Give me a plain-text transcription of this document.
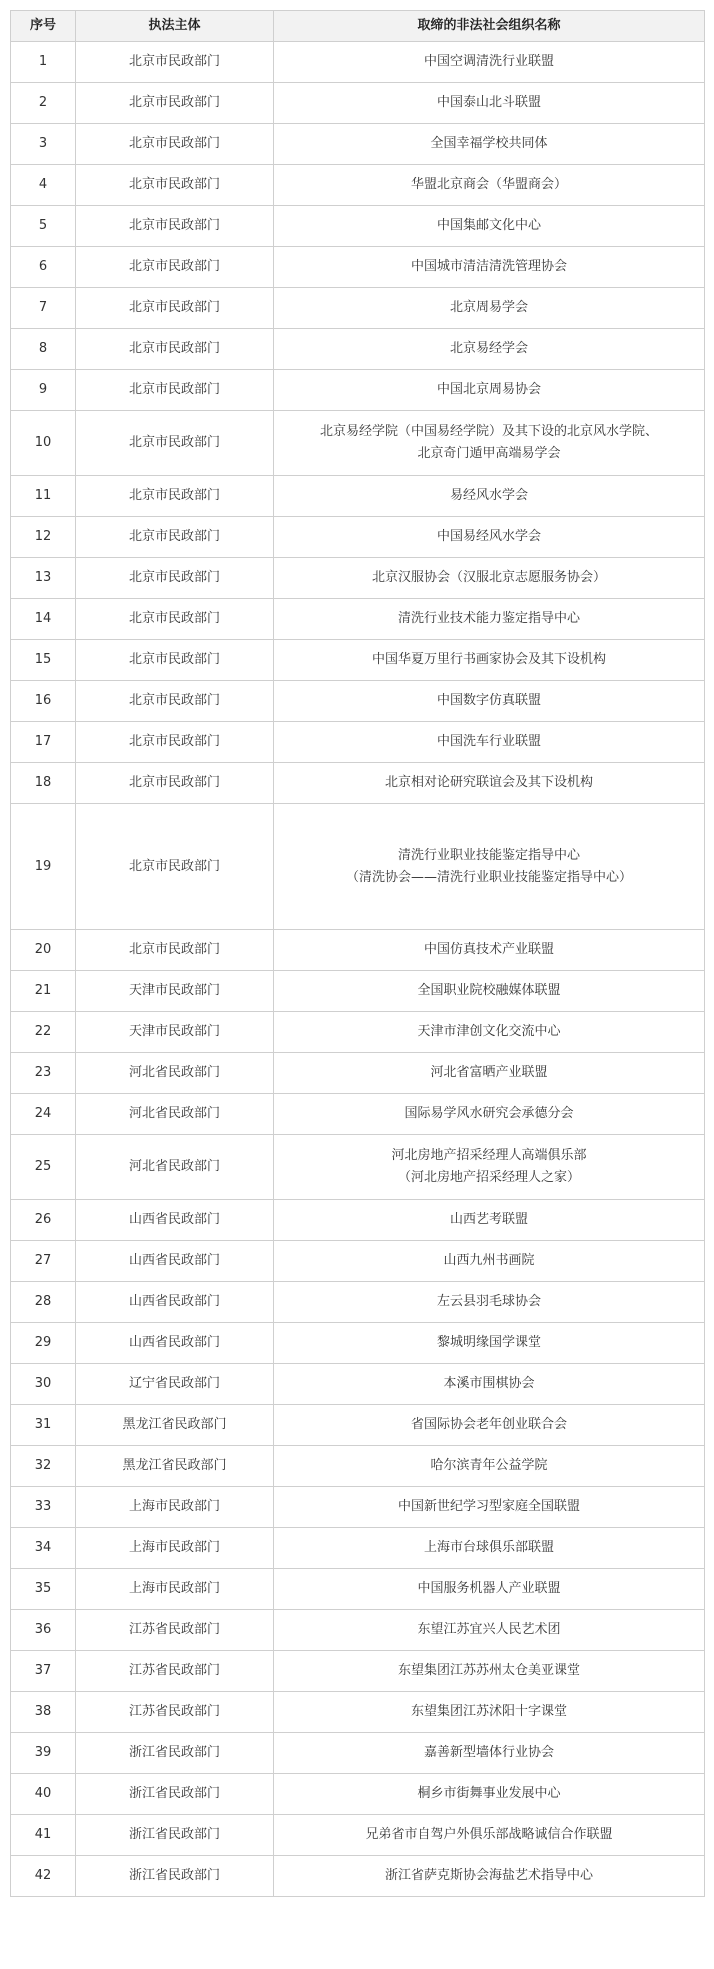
序号	执法主体	取缔的非法社会组织名称
1	北京市民政部门	中国空调清洗行业联盟

2	北京市民政部门	中国泰山北斗联盟

3	北京市民政部门	全国幸福学校共同体

4	北京市民政部门	华盟北京商会（华盟商会）

5	北京市民政部门	中国集邮文化中心

6	北京市民政部门	中国城市清洁清洗管理协会

7	北京市民政部门	北京周易学会

8	北京市民政部门	北京易经学会

9	北京市民政部门	中国北京周易协会

10	北京市民政部门	北京易经学院（中国易经学院）及其下设的北京风水学院、
北京奇门遁甲高端易学会

11	北京市民政部门	易经风水学会

12	北京市民政部门	中国易经风水学会

13	北京市民政部门	北京汉服协会（汉服北京志愿服务协会）

14	北京市民政部门	清洗行业技术能力鉴定指导中心

15	北京市民政部门	中国华夏万里行书画家协会及其下设机构

16	北京市民政部门	中国数字仿真联盟

17	北京市民政部门	中国洗车行业联盟

18	北京市民政部门	北京相对论研究联谊会及其下设机构

19	北京市民政部门	清洗行业职业技能鉴定指导中心
（清洗协会——清洗行业职业技能鉴定指导中心）

20	北京市民政部门	中国仿真技术产业联盟

21	天津市民政部门	全国职业院校融媒体联盟

22	天津市民政部门	天津市津创文化交流中心

23	河北省民政部门	河北省富晒产业联盟

24	河北省民政部门	国际易学风水研究会承德分会

25	河北省民政部门	河北房地产招采经理人高端俱乐部
（河北房地产招采经理人之家）

26	山西省民政部门	山西艺考联盟

27	山西省民政部门	山西九州书画院

28	山西省民政部门	左云县羽毛球协会

29	山西省民政部门	黎城明缘国学课堂

30	辽宁省民政部门	本溪市围棋协会

31	黑龙江省民政部门	省国际协会老年创业联合会

32	黑龙江省民政部门	哈尔滨青年公益学院

33	上海市民政部门	中国新世纪学习型家庭全国联盟

34	上海市民政部门	上海市台球俱乐部联盟

35	上海市民政部门	中国服务机器人产业联盟

36	江苏省民政部门	东望江苏宜兴人民艺术团

37	江苏省民政部门	东望集团江苏苏州太仓美亚课堂

38	江苏省民政部门	东望集团江苏沭阳十字课堂

39	浙江省民政部门	嘉善新型墙体行业协会

40	浙江省民政部门	桐乡市街舞事业发展中心

41	浙江省民政部门	兄弟省市自驾户外俱乐部战略诚信合作联盟

42	浙江省民政部门	浙江省萨克斯协会海盐艺术指导中心
